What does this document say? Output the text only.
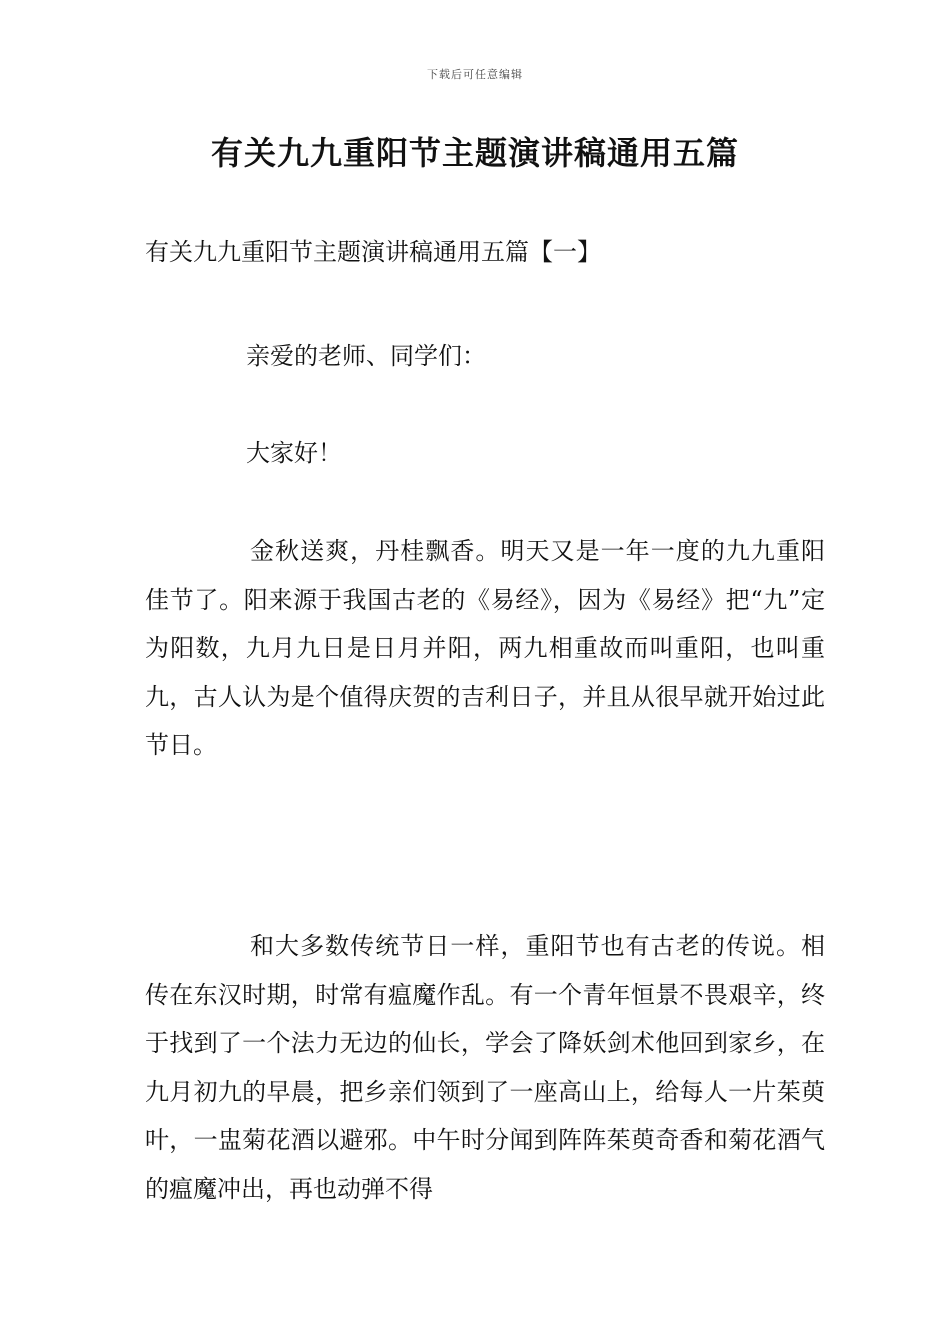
下载后可任意编辑
有关九九重阳节主题演讲稿通用五篇

有关九九重阳节主题演讲稿通用五篇【一】

亲爱的老师、同学们：

大家好！

金秋送爽，丹桂飘香。明天又是一年一度的九九重阳佳节了。阳来源于我国古老的《易经》，因为《易经》把“九”定为阳数，九月九日是日月并阳，两九相重故而叫重阳，也叫重九，古人认为是个值得庆贺的吉利日子，并且从很早就开始过此节日。

和大多数传统节日一样，重阳节也有古老的传说。相传在东汉时期，时常有瘟魔作乱。有一个青年恒景不畏艰辛，终于找到了一个法力无边的仙长，学会了降妖剑术他回到家乡，在九月初九的早晨，把乡亲们领到了一座高山上，给每人一片茱萸叶，一盅菊花酒以避邪。中午时分闻到阵阵茱萸奇香和菊花酒气的瘟魔冲出，再也动弹不得
